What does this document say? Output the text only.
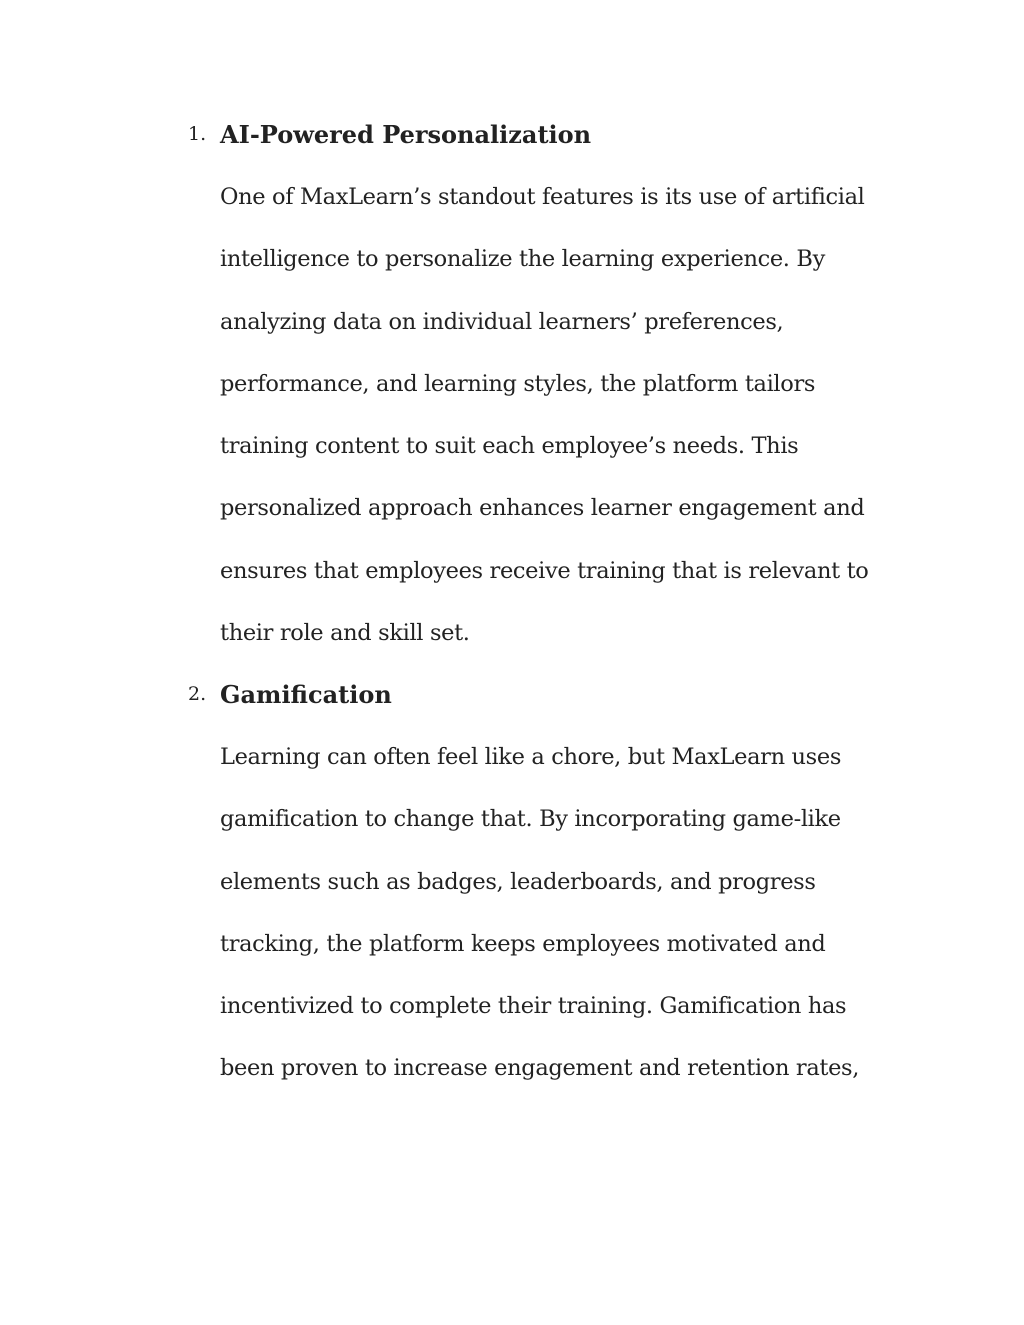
1. AI-Powered Personalization
One of MaxLearn’s standout features is its use of artificial
intelligence to personalize the learning experience. By
analyzing data on individual learners’ preferences,
performance, and learning styles, the platform tailors
training content to suit each employee’s needs. This
personalized approach enhances learner engagement and
ensures that employees receive training that is relevant to
their role and skill set.
2. Gamification
Learning can often feel like a chore, but MaxLearn uses
gamification to change that. By incorporating game-like
elements such as badges, leaderboards, and progress
tracking, the platform keeps employees motivated and
incentivized to complete their training. Gamification has
been proven to increase engagement and retention rates,
